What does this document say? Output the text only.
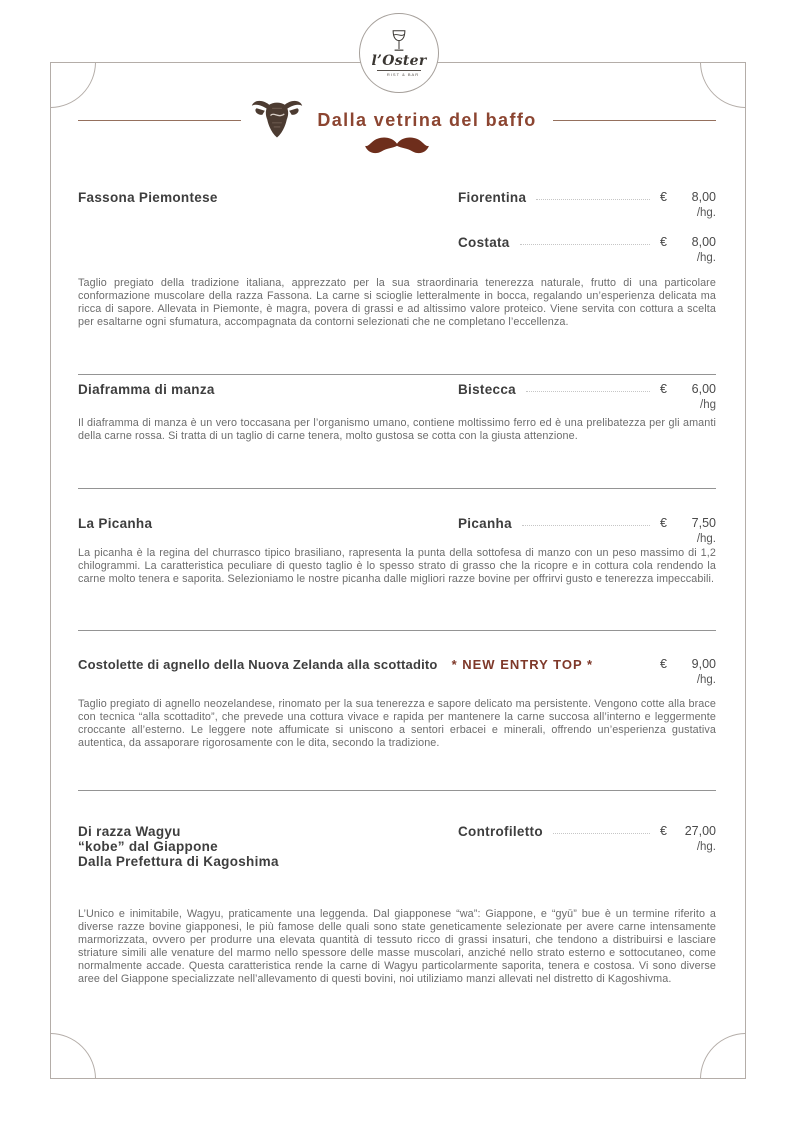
l’Oster
RIST & BAR
Dalla vetrina del baffo
Fassona Piemontese	Fiorentina	€ 8,00
/hg.
Costata	€ 8,00
/hg.
Taglio pregiato della tradizione italiana, apprezzato per la sua straordinaria tenerezza naturale, frutto di una particolare conformazione muscolare della razza Fassona. La carne si scioglie letteralmente in bocca, regalando un’esperienza delicata ma ricca di sapore. Allevata in Piemonte, è magra, povera di grassi e ad altissimo valore proteico. Viene servita con cottura a scelta per esaltarne ogni sfumatura, accompagnata da contorni selezionati che ne completano l’eccellenza.
Diaframma di manza	Bistecca	€ 6,00
/hg
Il diaframma di manza è un vero toccasana per l’organismo umano, contiene moltissimo ferro ed è una prelibatezza per gli amanti della carne rossa. Si tratta di un taglio di carne tenera, molto gustosa se cotta con la giusta attenzione.
La Picanha	Picanha	€ 7,50
/hg.
La picanha è la regina del churrasco tipico brasiliano, rapresenta la punta della sottofesa di manzo con un peso massimo di 1,2 chilogrammi. La caratteristica peculiare di questo taglio è lo spesso strato di grasso che la ricopre e in cottura cola rendendo la carne molto tenera e saporita. Selezioniamo le nostre picanha dalle migliori razze bovine per offrirvi gusto e tenerezza impeccabili.
Costolette di agnello della Nuova Zelanda alla scottadito * NEW ENTRY TOP *	€ 9,00
/hg.
Taglio pregiato di agnello neozelandese, rinomato per la sua tenerezza e sapore delicato ma persistente. Vengono cotte alla brace con tecnica “alla scottadito”, che prevede una cottura vivace e rapida per mantenere la carne succosa all’interno e leggermente croccante all’esterno. Le leggere note affumicate si uniscono a sentori erbacei e minerali, offrendo un’esperienza gustativa autentica, da assaporare rigorosamente con le dita, secondo la tradizione.
Di razza Wagyu
“kobe” dal Giappone
Dalla Prefettura di Kagoshima
Controfiletto	€ 27,00
/hg.
L’Unico e inimitabile, Wagyu, praticamente una leggenda. Dal giapponese “wa”: Giappone, e “gyū” bue è un termine riferito a diverse razze bovine giapponesi, le più famose delle quali sono state geneticamente selezionate per avere carne intensamente marmorizzata, ovvero per produrre una elevata quantità di tessuto ricco di grassi insaturi, che tendono a distribuirsi e lasciare striature simili alle venature del marmo nello spessore delle masse muscolari, anziché nello strato esterno e sottocutaneo, come normalmente accade. Questa caratteristica rende la carne di Wagyu particolarmente saporita, tenera e costosa. Vi sono diverse aree del Giappone specializzate nell’allevamento di questi bovini, noi utiliziamo manzi allevati nel distretto di Kagoshivma.
